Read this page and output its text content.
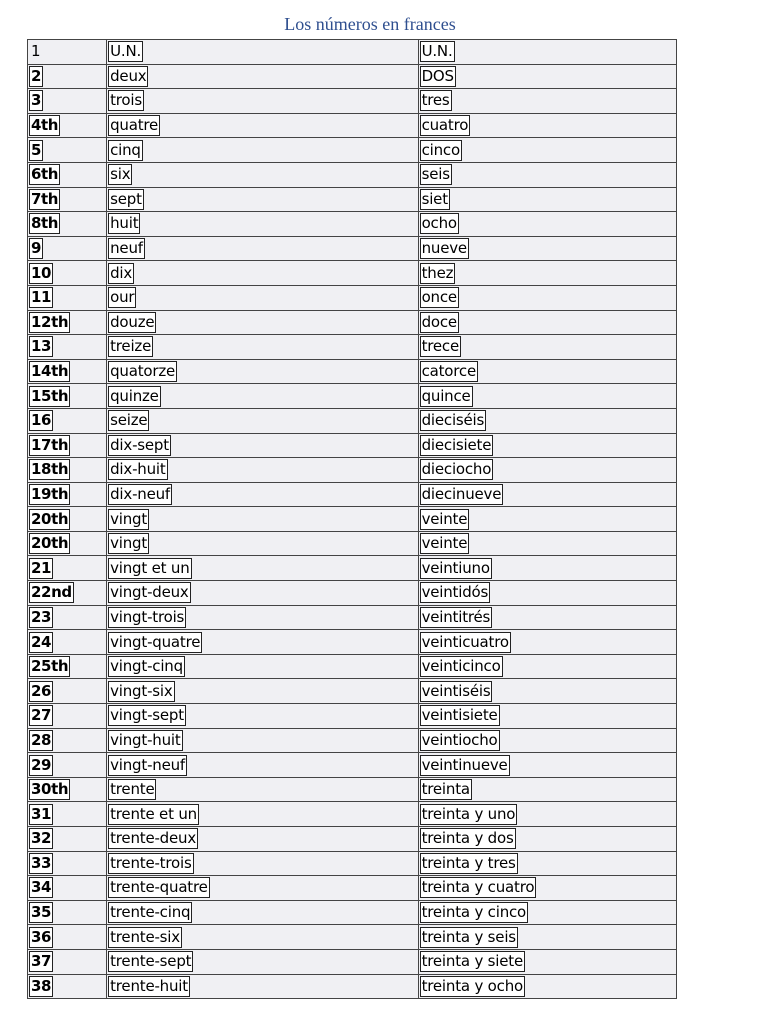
Los números en frances
1	U.N.	U.N.
2	deux	DOS
3	trois	tres
4th	quatre	cuatro
5	cinq	cinco
6th	six	seis
7th	sept	siet
8th	huit	ocho
9	neuf	nueve
10	dix	thez
11	our	once
12th	douze	doce
13	treize	trece
14th	quatorze	catorce
15th	quinze	quince
16	seize	dieciséis
17th	dix-sept	diecisiete
18th	dix-huit	dieciocho
19th	dix-neuf	diecinueve
20th	vingt	veinte
20th	vingt	veinte
21	vingt et un	veintiuno
22nd	vingt-deux	veintidós
23	vingt-trois	veintitrés
24	vingt-quatre	veinticuatro
25th	vingt-cinq	veinticinco
26	vingt-six	veintiséis
27	vingt-sept	veintisiete
28	vingt-huit	veintiocho
29	vingt-neuf	veintinueve
30th	trente	treinta
31	trente et un	treinta y uno
32	trente-deux	treinta y dos
33	trente-trois	treinta y tres
34	trente-quatre	treinta y cuatro
35	trente-cinq	treinta y cinco
36	trente-six	treinta y seis
37	trente-sept	treinta y siete
38	trente-huit	treinta y ocho
